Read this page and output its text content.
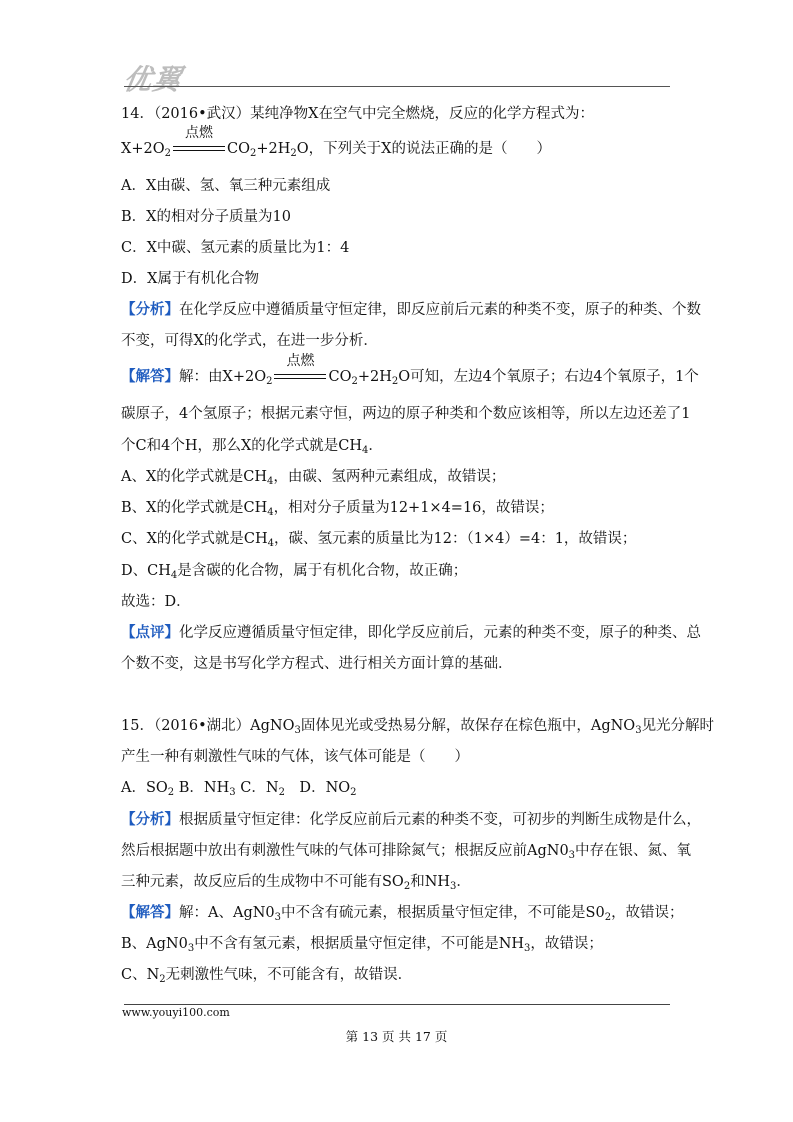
优翼
14．（2016•武汉）某纯净物X在空气中完全燃烧，反应的化学方程式为：
$X+2O_2$
点燃
$CO_2+2H_2O$，下列关于X的说法正确的是（　　）
A．X由碳、氢、氧三种元素组成
B．X的相对分子质量为10
C．X中碳、氢元素的质量比为1：4
D．X属于有机化合物
【分析】在化学反应中遵循质量守恒定律，即反应前后元素的种类不变，原子的种类、个数
不变，可得X的化学式，在进一步分析．
【解答】解：由$X+2O_2$
点燃
$CO_2+2H_2O$可知，左边4个氧原子；右边4个氧原子，1个
碳原子，4个氢原子；根据元素守恒，两边的原子种类和个数应该相等，所以左边还差了1
个C和4个H，那么X的化学式就是$CH_4$．
A、X的化学式就是$CH_4$，由碳、氢两种元素组成，故错误；
B、X的化学式就是$CH_4$，相对分子质量为12+1×4=16，故错误；
C、X的化学式就是$CH_4$，碳、氢元素的质量比为12：（1×4）=4：1，故错误；
D、$CH_4$是含碳的化合物，属于有机化合物，故正确；
故选：D．
【点评】化学反应遵循质量守恒定律，即化学反应前后，元素的种类不变，原子的种类、总
个数不变，这是书写化学方程式、进行相关方面计算的基础．
15．（2016•湖北）AgNO$_3$固体见光或受热易分解，故保存在棕色瓶中，AgNO$_3$见光分解时
产生一种有刺激性气味的气体，该气体可能是（　　）
A．$SO_2$ B．$NH_3$ C．$N_2$　D．$NO_2$
【分析】根据质量守恒定律：化学反应前后元素的种类不变，可初步的判断生成物是什么，
然后根据题中放出有刺激性气味的气体可排除氮气；根据反应前$AgN0_3$中存在银、氮、氧
三种元素，故反应后的生成物中不可能有$SO_2$和$NH_3$．
【解答】解：A、$AgN0_3$中不含有硫元素，根据质量守恒定律，不可能是$S0_2$，故错误；
B、$AgN0_3$中不含有氢元素，根据质量守恒定律，不可能是$NH_3$，故错误；
C、$N_2$无刺激性气味，不可能含有，故错误．
www.youyi100.com
第 13 页 共 17 页
